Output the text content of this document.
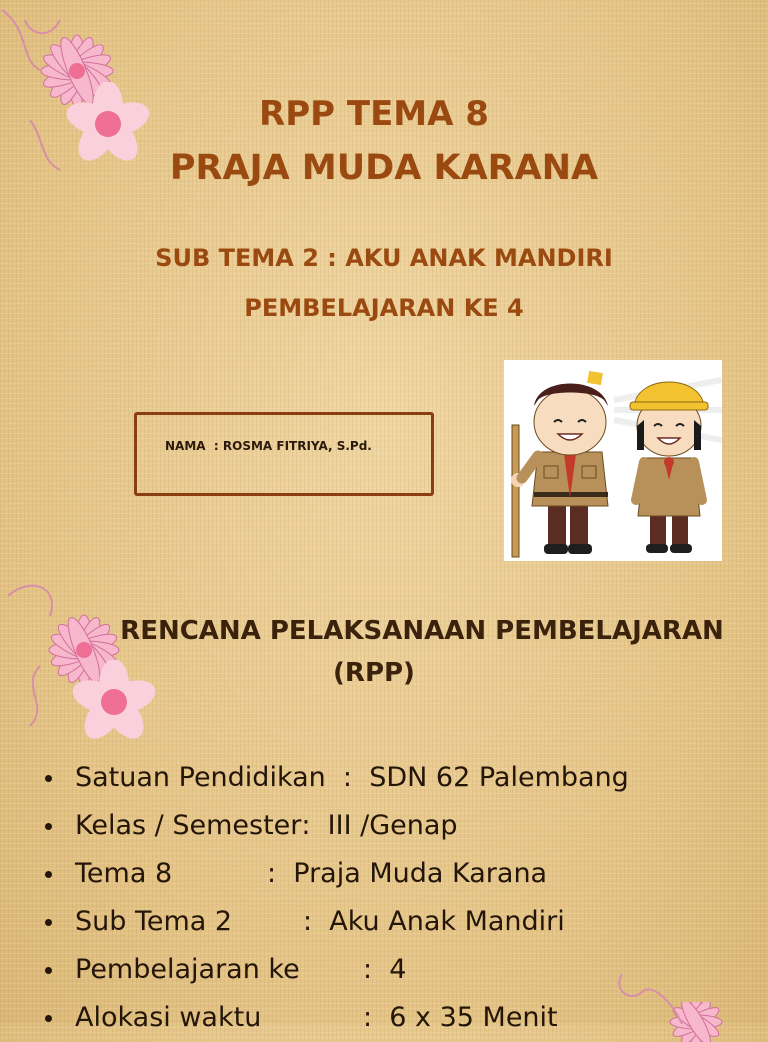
RPP TEMA 8
PRAJA MUDA KARANA
SUB TEMA 2 : AKU ANAK MANDIRI
PEMBELAJARAN KE 4
NAMA  : ROSMA FITRIYA, S.Pd.
RENCANA PELAKSANAAN PEMBELAJARAN
(RPP)
Satuan Pendidikan  :  SDN 62 Palembang
Kelas / Semester:  III /Genap
Tema 8	:  Praja Muda Karana
Sub Tema 2	:  Aku Anak Mandiri
Pembelajaran ke :  4
Alokasi waktu	:  6 x 35 Menit
